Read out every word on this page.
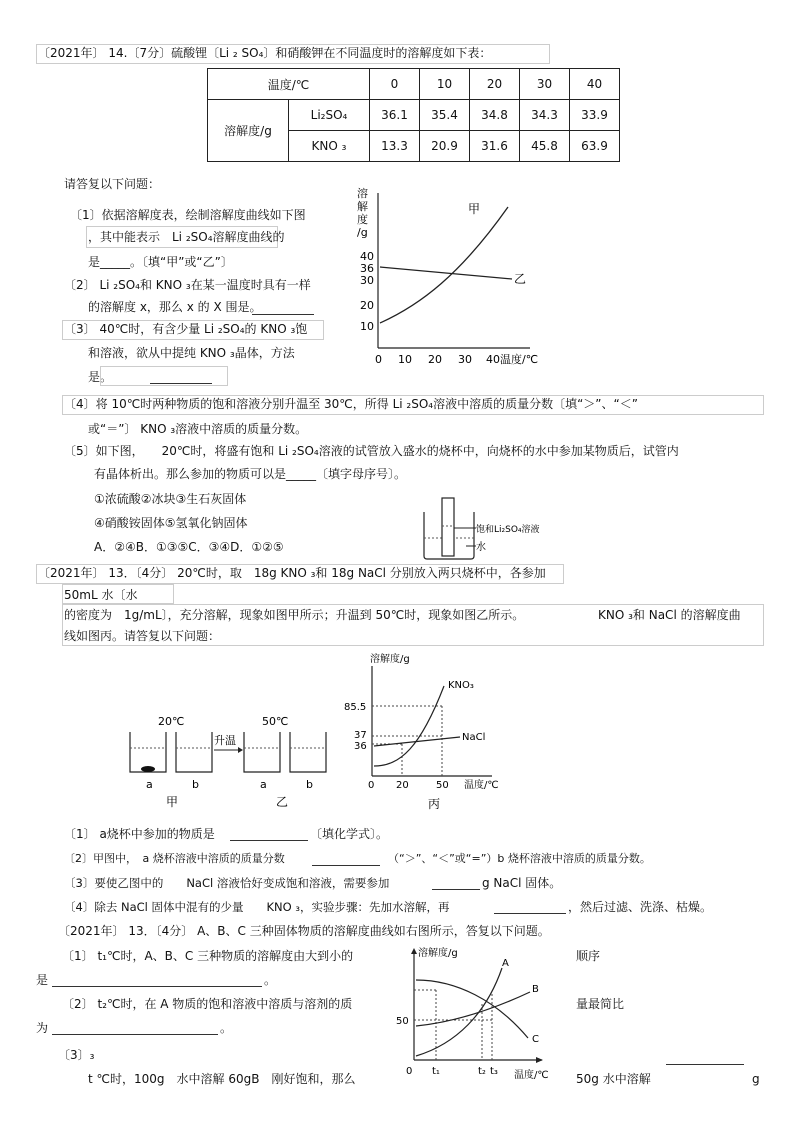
〔2021年〕 14.〔7分〕硫酸锂〔Li ₂ SO₄〕和硝酸钾在不同温度时的溶解度如下表：
温度/℃		0	10	20	30	40
溶解度/g	Li₂SO₄	36.1	35.4	34.8	34.3	33.9
	KNO ₃	13.3	20.9	31.6	45.8	63.9
请答复以下问题：
〔1〕依据溶解度表，绘制溶解度曲线如下图
，其中能表示　Li ₂SO₄溶解度曲线的
是_____。〔填“甲”或“乙”〕
〔2〕 Li ₂SO₄和 KNO ₃在某一温度时具有一样
的溶解度 x，那么 x 的 X 围是。
〔3〕 40℃时，有含少量 Li ₂SO₄的 KNO ₃饱
和溶液，欲从中提纯 KNO ₃晶体，方法
是。
溶
解
度
/g
40
36
30
20
10
0 10 20 30 40 温度/℃
甲
乙
〔4〕将 10℃时两种物质的饱和溶液分别升温至 30℃，所得 Li ₂SO₄溶液中溶质的质量分数〔填“＞”、“＜”
或“＝”〕 KNO ₃溶液中溶质的质量分数。
〔5〕如下图，　　20℃时，将盛有饱和 Li ₂SO₄溶液的试管放入盛水的烧杯中，向烧杯的水中参加某物质后，试管内
有晶体析出。那么参加的物质可以是_____〔填字母序号〕。
①浓硫酸②冰块③生石灰固体
④硝酸铵固体⑤氢氧化钠固体
A．②④B．①③⑤C．③④D．①②⑤
饱和Li₂SO₄溶液
水
〔2021年〕 13．〔4分〕 20℃时，取　18g KNO ₃和 18g NaCl 分别放入两只烧杯中，各参加
50mL 水〔水
的密度为　1g/mL〕，充分溶解，现象如图甲所示；升温到 50℃时，现象如图乙所示。	KNO ₃和 NaCl 的溶解度曲
线如图丙。请答复以下问题：
20℃	50℃
升温
a	b	a	b
甲	乙
溶解度/g
85.5
37
36
KNO₃
NaCl
0 20	50 温度/℃
丙
〔1〕 a烧杯中参加的物质是	〔填化学式〕。
〔2〕甲图中，　a 烧杯溶液中溶质的质量分数	（“＞”、“＜”或“=”）b 烧杯溶液中溶质的质量分数。
〔3〕要使乙图中的　　NaCl 溶液恰好变成饱和溶液，需要参加	g NaCl 固体。
〔4〕除去 NaCl 固体中混有的少量　　KNO ₃，实验步骤：先加水溶解，再	，然后过滤、洗涤、枯燥。
〔2021年〕 13．〔4分〕 A、B、C 三种固体物质的溶解度曲线如右图所示，答复以下问题。
〔1〕 t₁℃时，A、B、C 三种物质的溶解度由大到小的	顺序
是	。
〔2〕 t₂℃时，在 A 物质的饱和溶液中溶质与溶剂的质	量最简比
为	。
〔3〕₃
t ℃时，100g　水中溶解 60gB　刚好饱和，那么	50g 水中溶解	g
溶解度/g
50
A
B
C
0 t₁	t₂ t₃ 温度/℃
